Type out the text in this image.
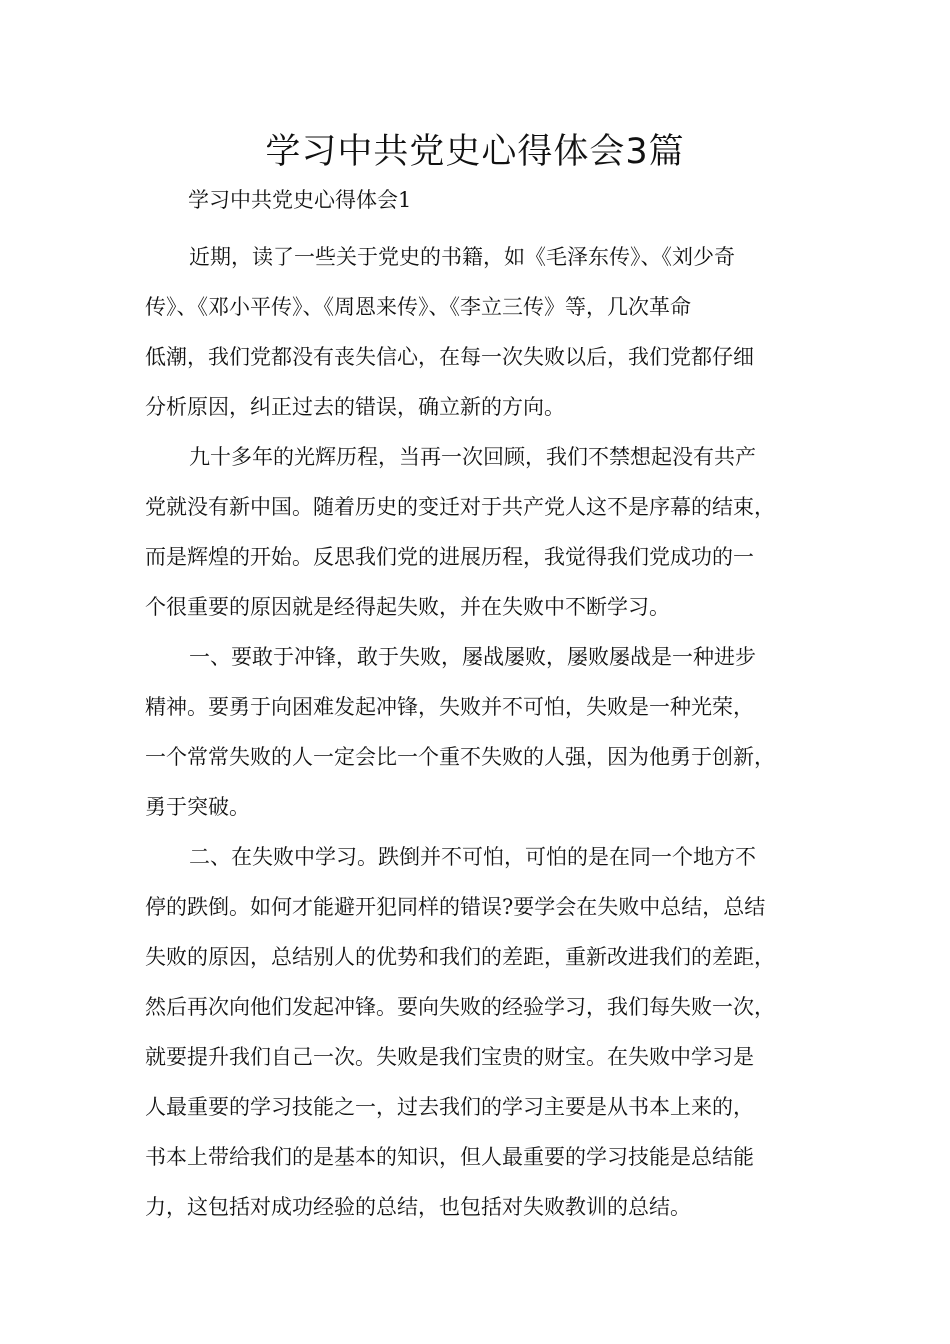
学习中共党史心得体会3篇

学习中共党史心得体会1

近期，读了一些关于党史的书籍，如《毛泽东传》、《刘少奇
传》、《邓小平传》、《周恩来传》、《李立三传》等，几次革命
低潮，我们党都没有丧失信心，在每一次失败以后，我们党都仔细
分析原因，纠正过去的错误，确立新的方向。

九十多年的光辉历程，当再一次回顾，我们不禁想起没有共产
党就没有新中国。随着历史的变迁对于共产党人这不是序幕的结束，
而是辉煌的开始。反思我们党的进展历程，我觉得我们党成功的一
个很重要的原因就是经得起失败，并在失败中不断学习。

一、要敢于冲锋，敢于失败，屡战屡败，屡败屡战是一种进步
精神。要勇于向困难发起冲锋，失败并不可怕，失败是一种光荣，
一个常常失败的人一定会比一个重不失败的人强，因为他勇于创新，
勇于突破。

二、在失败中学习。跌倒并不可怕，可怕的是在同一个地方不
停的跌倒。如何才能避开犯同样的错误?要学会在失败中总结，总结
失败的原因，总结别人的优势和我们的差距，重新改进我们的差距，
然后再次向他们发起冲锋。要向失败的经验学习，我们每失败一次，
就要提升我们自己一次。失败是我们宝贵的财宝。在失败中学习是
人最重要的学习技能之一，过去我们的学习主要是从书本上来的，
书本上带给我们的是基本的知识，但人最重要的学习技能是总结能
力，这包括对成功经验的总结，也包括对失败教训的总结。
